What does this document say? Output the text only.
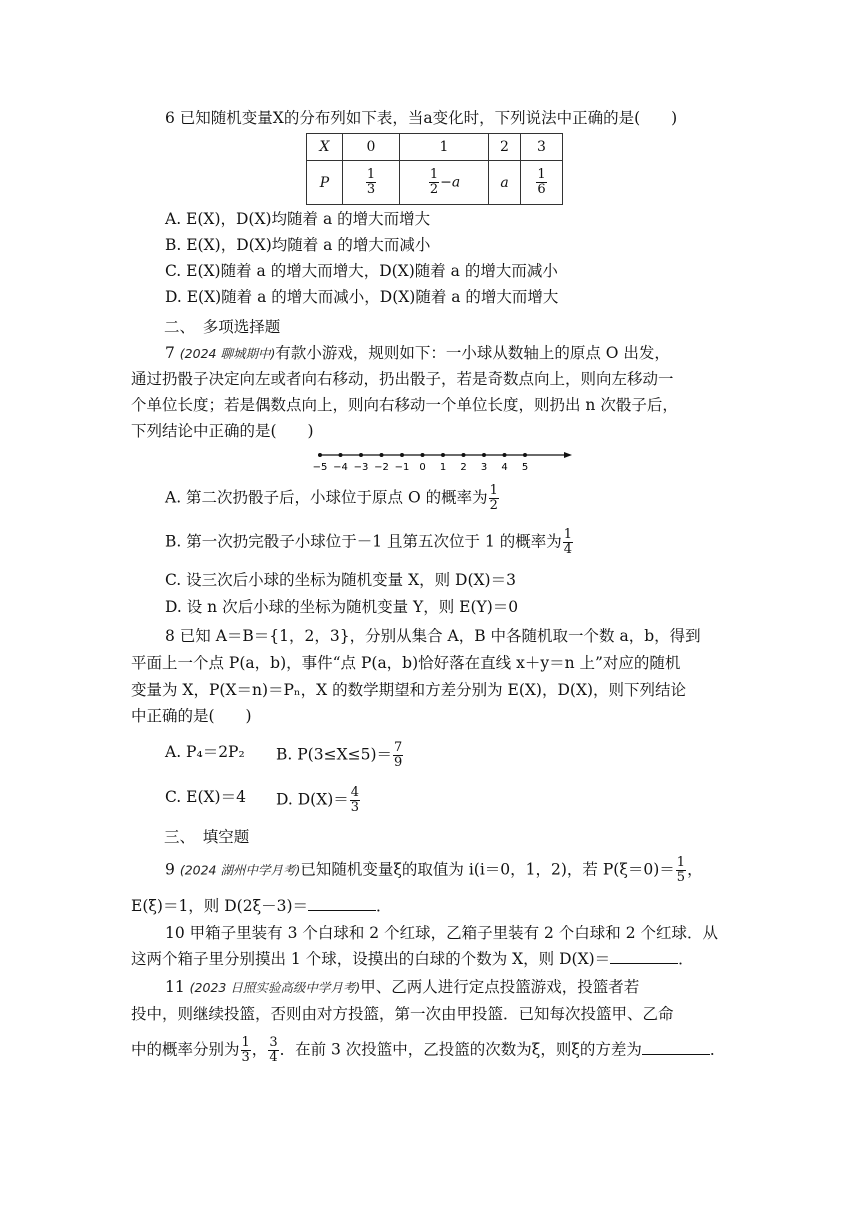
6 已知随机变量X的分布列如下表，当a变化时，下列说法中正确的是(　　)
X	0	1	2	3
P	$\frac{1}{3}$	$\frac{1}{2} -a$	a	$\frac{1}{6}$
A. E(X)，D(X)均随着 a 的增大而增大
B. E(X)，D(X)均随着 a 的增大而减小
C. E(X)随着 a 的增大而增大，D(X)随着 a 的增大而减小
D. E(X)随着 a 的增大而减小，D(X)随着 a 的增大而增大
二、　多项选择题
7 (2024 聊城期中)有款小游戏，规则如下：一小球从数轴上的原点 O 出发，
通过扔骰子决定向左或者向右移动，扔出骰子，若是奇数点向上，则向左移动一
个单位长度；若是偶数点向上，则向右移动一个单位长度，则扔出 n 次骰子后，
下列结论中正确的是(　　)
−5 −4 −3 −2 −1 0 1 2 3 4 5
A. 第二次扔骰子后，小球位于原点 O 的概率为 $\frac{1}{2}$
B. 第一次扔完骰子小球位于－1 且第五次位于 1 的概率为 $\frac{1}{4}$
C. 设三次后小球的坐标为随机变量 X，则 D(X)＝3
D. 设 n 次后小球的坐标为随机变量 Y，则 E(Y)＝0
8 已知 A＝B＝{1，2，3}，分别从集合 A，B 中各随机取一个数 a，b，得到
平面上一个点 P(a，b)，事件“点 P(a，b)恰好落在直线 x＋y＝n 上”对应的随机
变量为 X，P(X＝n)＝Pₙ，X 的数学期望和方差分别为 E(X)，D(X)，则下列结论
中正确的是(　　)
A. P₄＝2P₂ B. $P(3\le X\le 5)= \frac{7}{9}$
C. E(X)＝4 D. $D(X)= \frac{4}{3}$
三、　填空题
9 (2024 湖州中学月考)已知随机变量ξ的取值为 i(i＝0，1，2)，若 $P(\xi=0)= \frac{1}{5}$ ，
E(ξ)＝1，则 D(2ξ－3)＝	．
10 甲箱子里装有 3 个白球和 2 个红球，乙箱子里装有 2 个白球和 2 个红球．从
这两个箱子里分别摸出 1 个球，设摸出的白球的个数为 X，则 D(X)＝	．
11 (2023 日照实验高级中学月考)甲、乙两人进行定点投篮游戏，投篮者若
投中，则继续投篮，否则由对方投篮，第一次由甲投篮．已知每次投篮甲、乙命
中的概率分别为 $\frac{1}{3}$ ， $\frac{3}{4}$ ．在前 3 次投篮中，乙投篮的次数为ξ，则ξ的方差为	．
